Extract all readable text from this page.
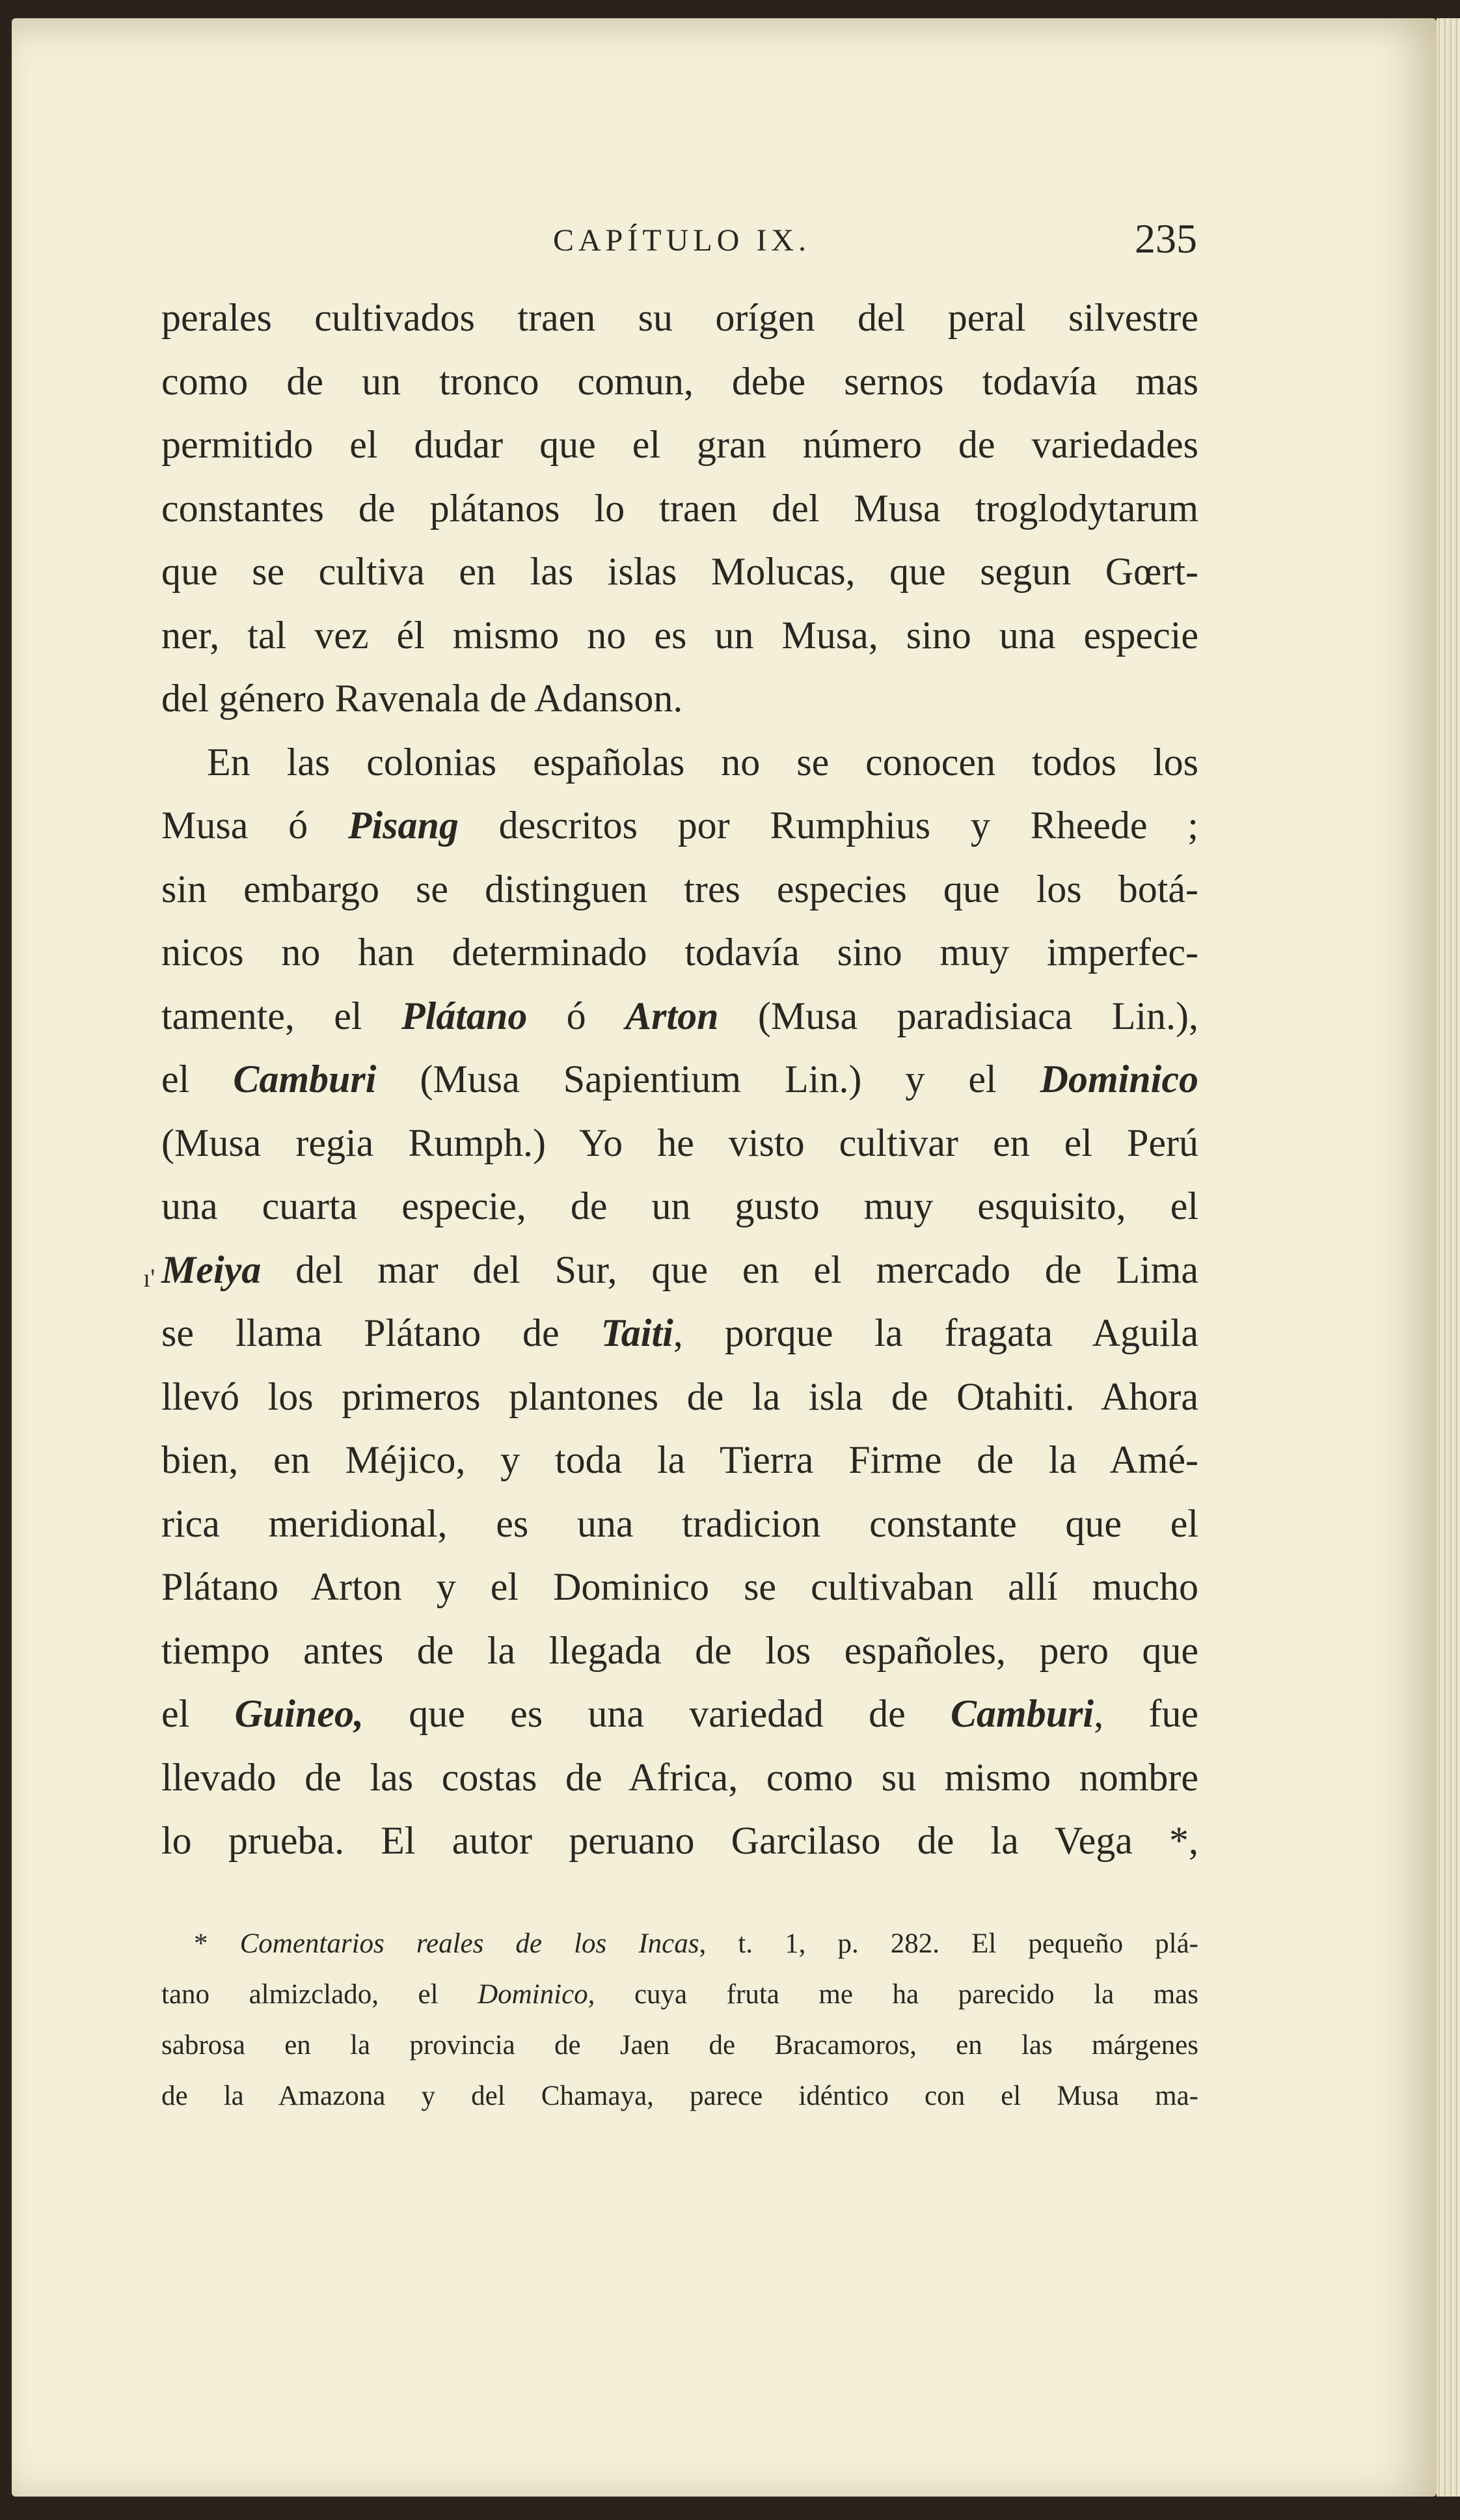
CAPÍTULO IX.	235
ı'
perales cultivados traen su orígen del peral silvestre
como de un tronco comun, debe sernos todavía mas
permitido el dudar que el gran número de variedades
constantes de plátanos lo traen del Musa troglodytarum
que se cultiva en las islas Molucas, que segun Gœrt-
ner, tal vez él mismo no es un Musa, sino una especie
del género Ravenala de Adanson.
En las colonias españolas no se conocen todos los
Musa ó Pisang descritos por Rumphius y Rheede ;
sin embargo se distinguen tres especies que los botá-
nicos no han determinado todavía sino muy imperfec-
tamente, el Plátano ó Arton (Musa paradisiaca Lin.),
el Camburi (Musa Sapientium Lin.) y el Dominico
(Musa regia Rumph.) Yo he visto cultivar en el Perú
una cuarta especie, de un gusto muy esquisito, el
Meiya del mar del Sur, que en el mercado de Lima
se llama Plátano de Taiti, porque la fragata Aguila
llevó los primeros plantones de la isla de Otahiti. Ahora
bien, en Méjico, y toda la Tierra Firme de la Amé-
rica meridional, es una tradicion constante que el
Plátano Arton y el Dominico se cultivaban allí mucho
tiempo antes de la llegada de los españoles, pero que
el Guineo, que es una variedad de Camburi, fue
llevado de las costas de Africa, como su mismo nombre
lo prueba. El autor peruano Garcilaso de la Vega *,
* Comentarios reales de los Incas, t. 1, p. 282. El pequeño plá-
tano almizclado, el Dominico, cuya fruta me ha parecido la mas
sabrosa en la provincia de Jaen de Bracamoros, en las márgenes
de la Amazona y del Chamaya, parece idéntico con el Musa ma-
